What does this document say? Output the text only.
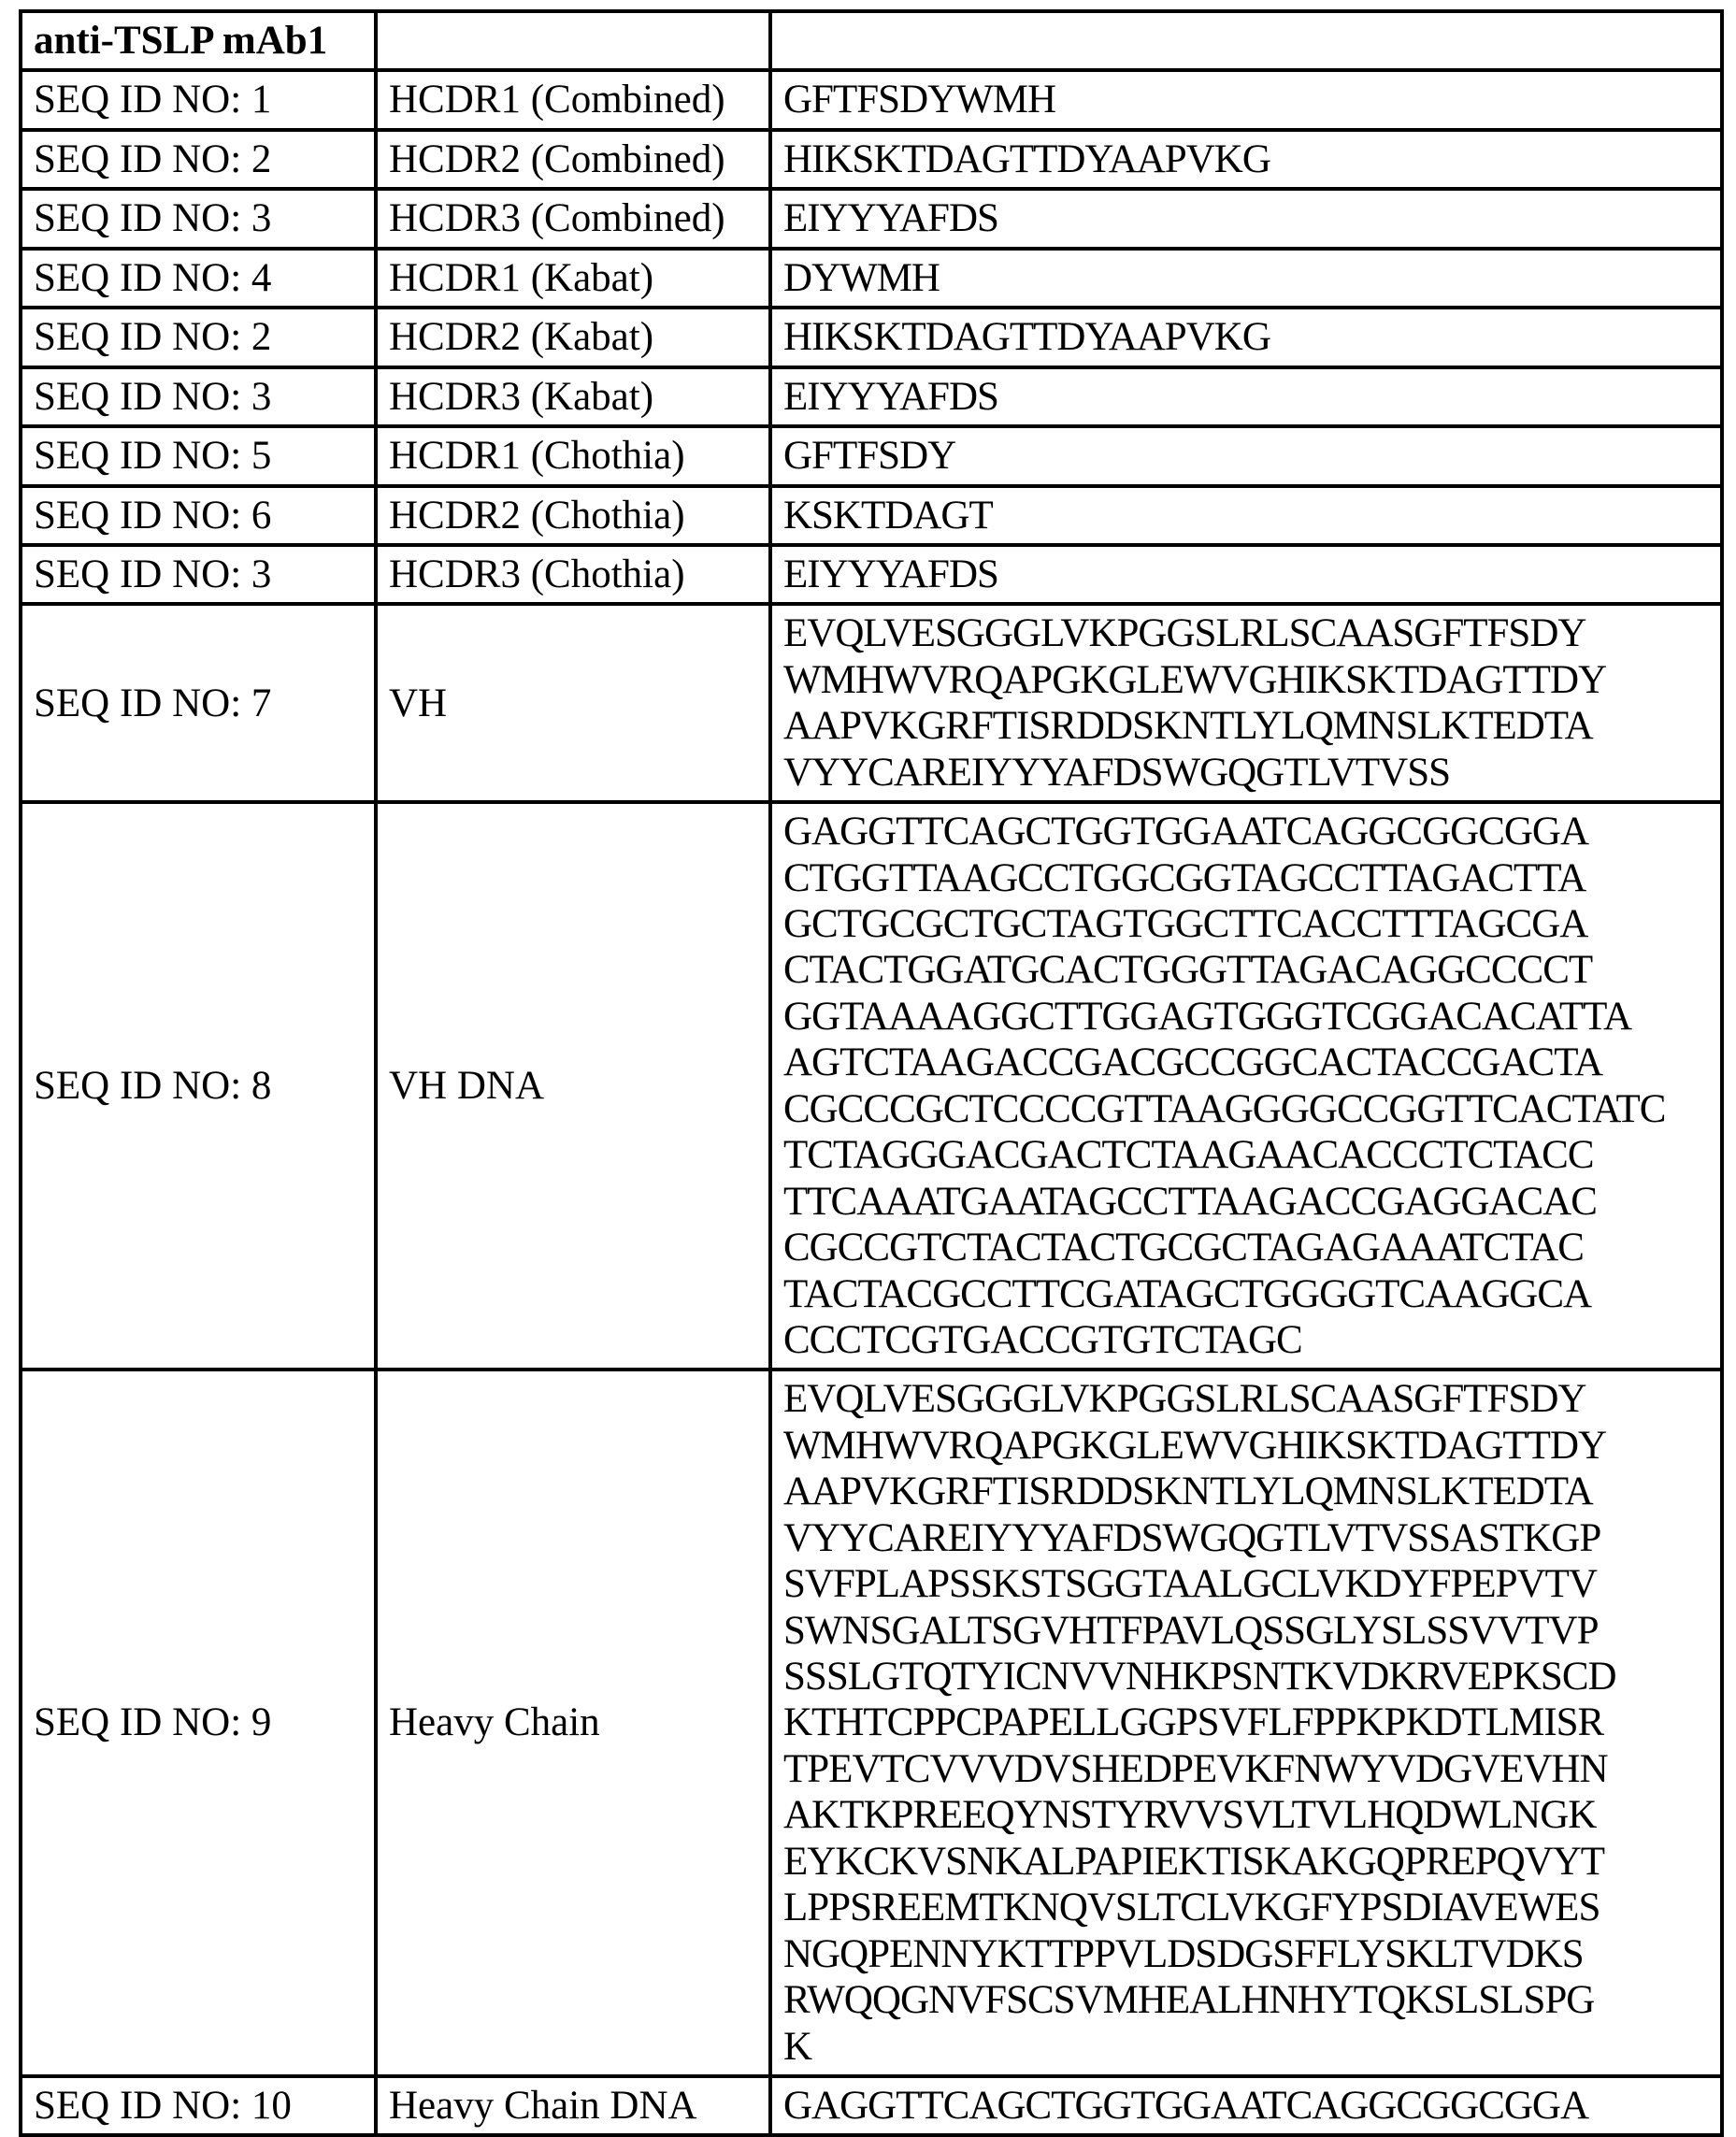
anti-TSLP mAb1		
SEQ ID NO: 1	HCDR1 (Combined)	GFTFSDYWMH
SEQ ID NO: 2	HCDR2 (Combined)	HIKSKTDAGTTDYAAPVKG
SEQ ID NO: 3	HCDR3 (Combined)	EIYYYAFDS
SEQ ID NO: 4	HCDR1 (Kabat)	DYWMH
SEQ ID NO: 2	HCDR2 (Kabat)	HIKSKTDAGTTDYAAPVKG
SEQ ID NO: 3	HCDR3 (Kabat)	EIYYYAFDS
SEQ ID NO: 5	HCDR1 (Chothia)	GFTFSDY
SEQ ID NO: 6	HCDR2 (Chothia)	KSKTDAGT
SEQ ID NO: 3	HCDR3 (Chothia)	EIYYYAFDS
SEQ ID NO: 7	VH	EVQLVESGGGLVKPGGSLRLSCAASGFTFSDY
WMHWVRQAPGKGLEWVGHIKSKTDAGTTDY
AAPVKGRFTISRDDSKNTLYLQMNSLKTEDTA
VYYCAREIYYYAFDSWGQGTLVTVSS
SEQ ID NO: 8	VH DNA	GAGGTTCAGCTGGTGGAATCAGGCGGCGGA
CTGGTTAAGCCTGGCGGTAGCCTTAGACTTA
GCTGCGCTGCTAGTGGCTTCACCTTTAGCGA
CTACTGGATGCACTGGGTTAGACAGGCCCCT
GGTAAAAGGCTTGGAGTGGGTCGGACACATTA
AGTCTAAGACCGACGCCGGCACTACCGACTA
CGCCCGCTCCCCGTTAAGGGGCCGGTTCACTATC
TCTAGGGACGACTCTAAGAACACCCTCTACC
TTCAAATGAATAGCCTTAAGACCGAGGACAC
CGCCGTCTACTACTGCGCTAGAGAAATCTAC
TACTACGCCTTCGATAGCTGGGGTCAAGGCA
CCCTCGTGACCGTGTCTAGC
SEQ ID NO: 9	Heavy Chain	EVQLVESGGGLVKPGGSLRLSCAASGFTFSDY
WMHWVRQAPGKGLEWVGHIKSKTDAGTTDY
AAPVKGRFTISRDDSKNTLYLQMNSLKTEDTA
VYYCAREIYYYAFDSWGQGTLVTVSSASTKGP
SVFPLAPSSKSTSGGTAALGCLVKDYFPEPVTV
SWNSGALTSGVHTFPAVLQSSGLYSLSSVVTVP
SSSLGTQTYICNVVNHKPSNTKVDKRVEPKSCD
KTHTCPPCPAPELLGGPSVFLFPPKPKDTLMISR
TPEVTCVVVDVSHEDPEVKFNWYVDGVEVHN
AKTKPREEQYNSTYRVVSVLTVLHQDWLNGK
EYKCKVSNKALPAPIEKTISKAKGQPREPQVYT
LPPSREEMTKNQVSLTCLVKGFYPSDIAVEWES
NGQPENNYKTTPPVLDSDGSFFLYSKLTVDKS
RWQQGNVFSCSVMHEALHNHYTQKSLSLSPG
K
SEQ ID NO: 10	Heavy Chain DNA	GAGGTTCAGCTGGTGGAATCAGGCGGCGGA
